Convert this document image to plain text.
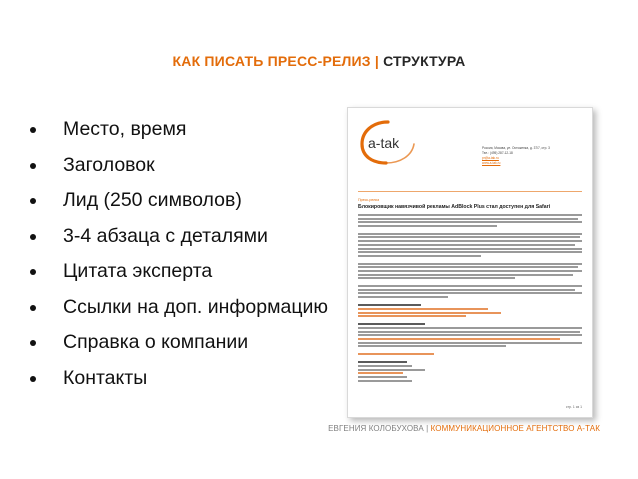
КАК ПИСАТЬ ПРЕСС-РЕЛИЗ | СТРУКТУРА
Место, время
Заголовок
Лид (250 символов)
3-4 абзаца с деталями
Цитата эксперта
Ссылки на доп. информацию
Справка о компании
Контакты
a-tak	Россия, Москва, ул. Остоженка, д. 37/7, стр. 3
Тел.: (495) 287-12-18
pr@a-tak.ru
www.a-tak.ru
Пресс-релиз
Блокировщик навязчивой рекламы AdBlock Plus стал доступен для Safari
стр. 1 из 1
ЕВГЕНИЯ КОЛОБУХОВА | КОММУНИКАЦИОННОЕ АГЕНТСТВО А-ТАК
